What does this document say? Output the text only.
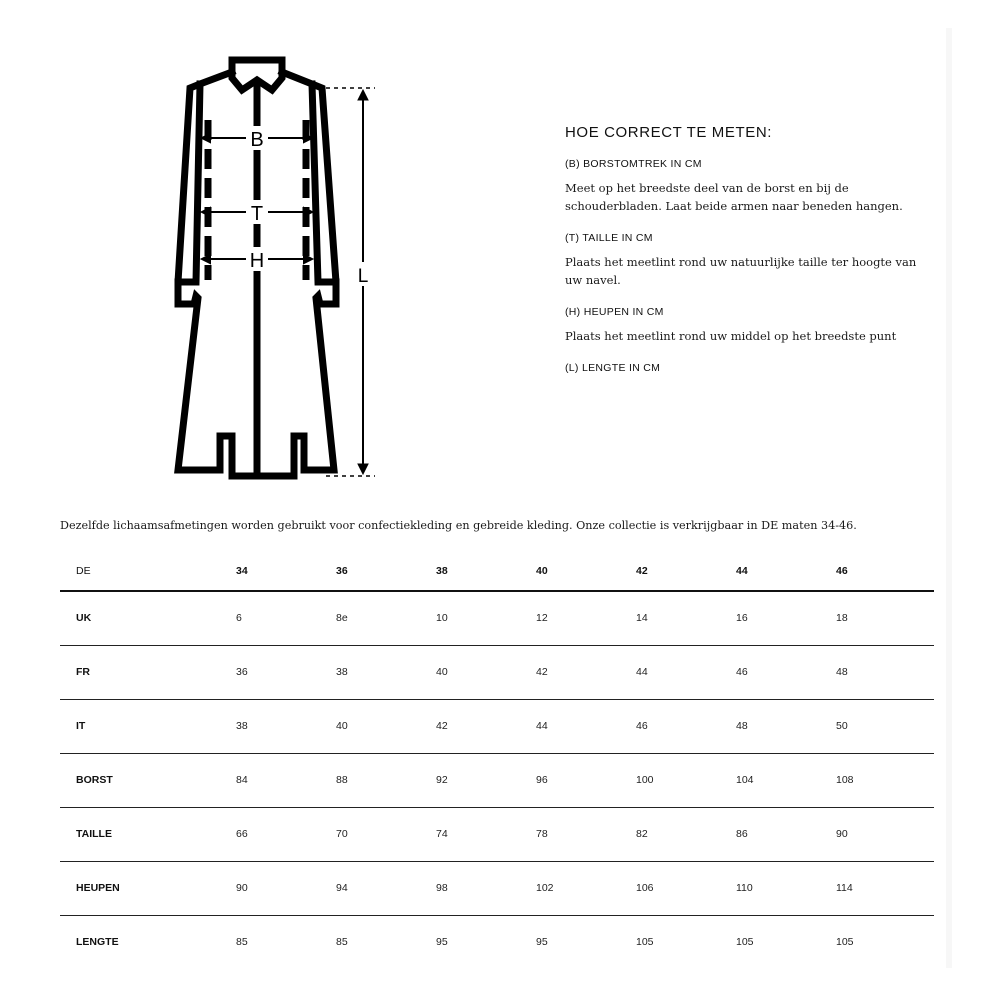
B
T
H
L
HOE CORRECT TE METEN:
(B) BORSTOMTREK IN CM
Meet op het breedste deel van de borst en bij de schouderbladen. Laat beide armen naar beneden hangen.
(T) TAILLE IN CM
Plaats het meetlint rond uw natuurlijke taille ter hoogte van uw navel.
(H) HEUPEN IN CM
Plaats het meetlint rond uw middel op het breedste punt
(L) LENGTE IN CM
Dezelfde lichaamsafmetingen worden gebruikt voor confectiekleding en gebreide kleding. Onze collectie is verkrijgbaar in DE maten 34-46.
DE	34	36	38	40	42	44	46
UK	6	8e	10	12	14	16	18
FR	36	38	40	42	44	46	48
IT	38	40	42	44	46	48	50
BORST	84	88	92	96	100	104	108
TAILLE	66	70	74	78	82	86	90
HEUPEN	90	94	98	102	106	110	114
LENGTE	85	85	95	95	105	105	105
